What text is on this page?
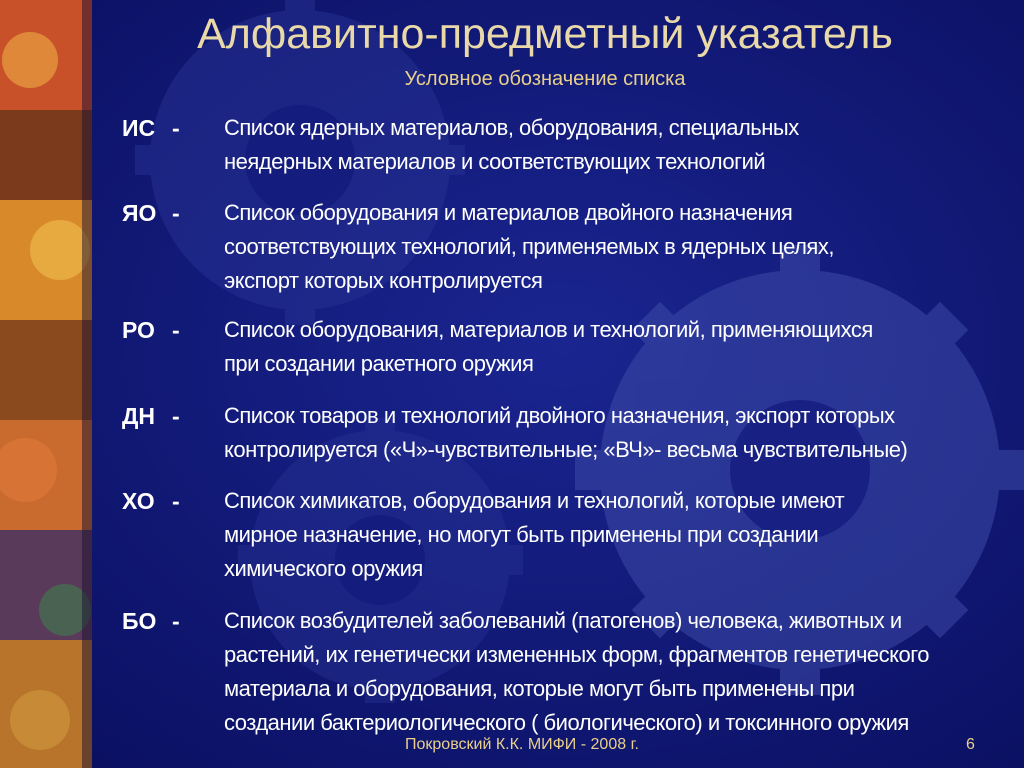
Алфавитно-предметный указатель
Условное обозначение списка
ИС - Список ядерных материалов, оборудования, специальных
неядерных материалов и соответствующих технологий
ЯО - Список оборудования и материалов двойного назначения
соответствующих технологий, применяемых в ядерных целях,
экспорт которых контролируется
РО - Список оборудования, материалов и технологий, применяющихся
при создании ракетного оружия
ДН - Список товаров и технологий двойного назначения, экспорт которых
контролируется («Ч»-чувствительные; «ВЧ»- весьма чувствительные)
ХО - Список химикатов, оборудования и технологий, которые имеют
мирное назначение, но могут быть применены при создании
химического оружия
БО - Список возбудителей заболеваний (патогенов) человека, животных и
растений, их генетически измененных форм, фрагментов генетического
материала и оборудования, которые могут быть применены при
создании бактериологического ( биологического) и токсинного оружия
Покровский К.К. МИФИ - 2008 г.	6
